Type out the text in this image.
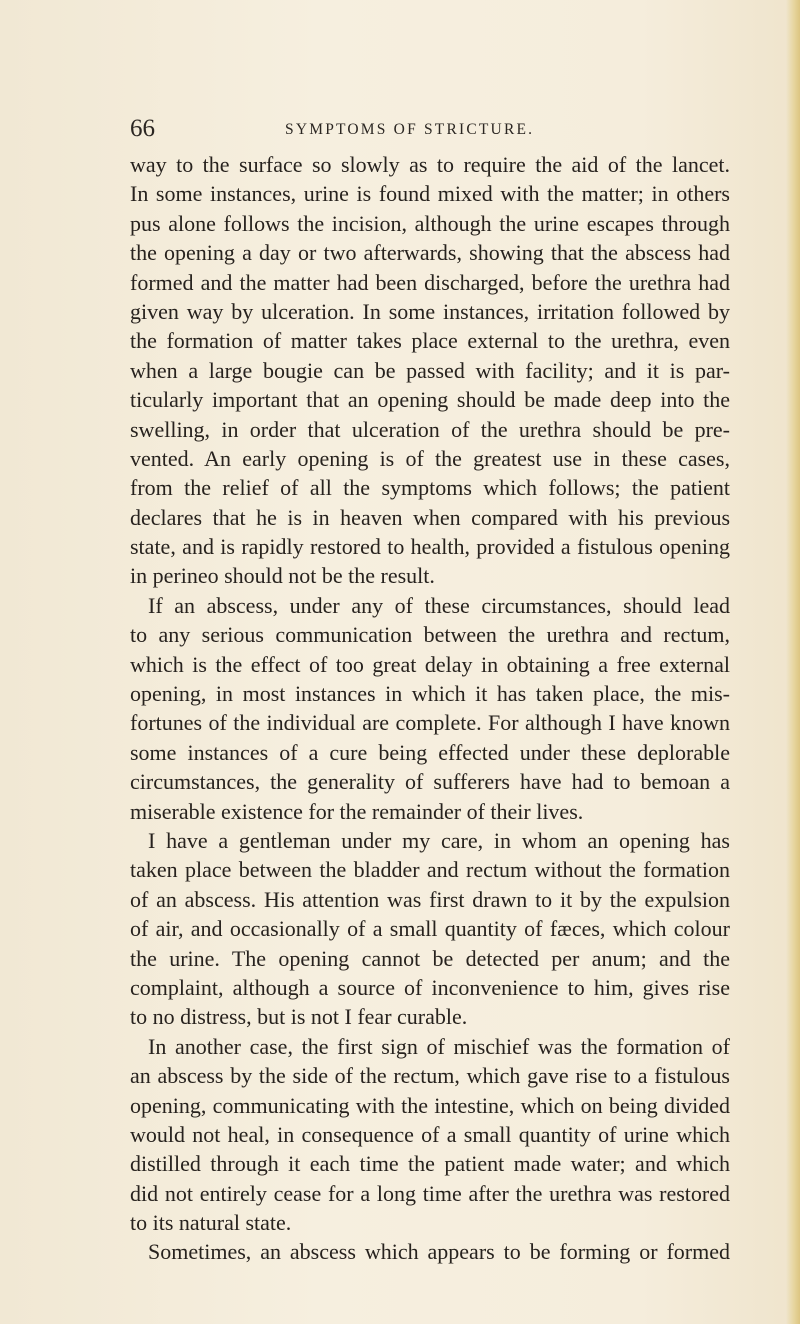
66	SYMPTOMS OF STRICTURE.
way to the surface so slowly as to require the aid of the lancet.
In some instances, urine is found mixed with the matter; in others
pus alone follows the incision, although the urine escapes through
the opening a day or two afterwards, showing that the abscess had
formed and the matter had been discharged, before the urethra had
given way by ulceration. In some instances, irritation followed by
the formation of matter takes place external to the urethra, even
when a large bougie can be passed with facility; and it is par-
ticularly important that an opening should be made deep into the
swelling, in order that ulceration of the urethra should be pre-
vented. An early opening is of the greatest use in these cases,
from the relief of all the symptoms which follows; the patient
declares that he is in heaven when compared with his previous
state, and is rapidly restored to health, provided a fistulous opening
in perineo should not be the result.
If an abscess, under any of these circumstances, should lead
to any serious communication between the urethra and rectum,
which is the effect of too great delay in obtaining a free external
opening, in most instances in which it has taken place, the mis-
fortunes of the individual are complete. For although I have known
some instances of a cure being effected under these deplorable
circumstances, the generality of sufferers have had to bemoan a
miserable existence for the remainder of their lives.
I have a gentleman under my care, in whom an opening has
taken place between the bladder and rectum without the formation
of an abscess. His attention was first drawn to it by the expulsion
of air, and occasionally of a small quantity of fæces, which colour
the urine. The opening cannot be detected per anum; and the
complaint, although a source of inconvenience to him, gives rise
to no distress, but is not I fear curable.
In another case, the first sign of mischief was the formation of
an abscess by the side of the rectum, which gave rise to a fistulous
opening, communicating with the intestine, which on being divided
would not heal, in consequence of a small quantity of urine which
distilled through it each time the patient made water; and which
did not entirely cease for a long time after the urethra was restored
to its natural state.
Sometimes, an abscess which appears to be forming or formed
